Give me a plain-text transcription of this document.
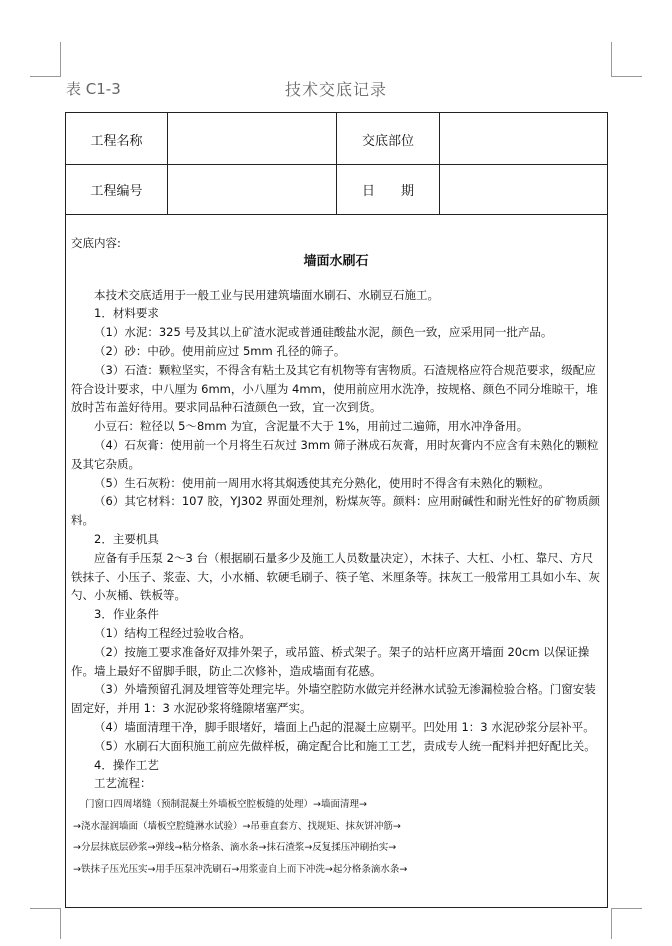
表 C1-3	技术交底记录
工程名称	交底部位
工程编号	日　　期

交底内容:

墙面水刷石

本技术交底适用于一般工业与民用建筑墙面水刷石、水刷豆石施工。

1．材料要求

（1）水泥：325 号及其以上矿渣水泥或普通硅酸盐水泥，颜色一致，应采用同一批产品。

（2）砂：中砂。使用前应过 5mm 孔径的筛子。

（3）石渣：颗粒坚实，不得含有粘土及其它有机物等有害物质。石渣规格应符合规范要求，级配应符合设计要求，中八厘为 6mm，小八厘为 4mm，使用前应用水洗净，按规格、颜色不同分堆晾干，堆放时苫布盖好待用。要求同品种石渣颜色一致，宜一次到货。

小豆石：粒径以 5～8mm 为宜，含泥量不大于 1%，用前过二遍筛，用水冲净备用。

（4）石灰膏：使用前一个月将生石灰过 3mm 筛子淋成石灰膏，用时灰膏内不应含有未熟化的颗粒及其它杂质。

（5）生石灰粉：使用前一周用水将其焖透使其充分熟化，使用时不得含有未熟化的颗粒。

（6）其它材料：107 胶，YJ302 界面处理剂，粉煤灰等。颜料：应用耐碱性和耐光性好的矿物质颜料。

2．主要机具

应备有手压泵 2～3 台（根据刷石量多少及施工人员数量决定），木抹子、大杠、小杠、靠尺、方尺铁抹子、小压子、浆壶、大，小水桶、软硬毛刷子、筷子笔、米厘条等。抹灰工一般常用工具如小车、灰勺、小灰桶、铁板等。

3．作业条件

（1）结构工程经过验收合格。

（2）按施工要求准备好双排外架子，或吊篮、桥式架子。架子的站杆应离开墙面 20cm 以保证操作。墙上最好不留脚手眼，防止二次修补，造成墙面有花感。

（3）外墙预留孔洞及埋管等处理完毕。外墙空腔防水做完并经淋水试验无渗漏检验合格。门窗安装固定好，并用 1：3 水泥砂浆将缝隙堵塞严实。

（4）墙面清理干净，脚手眼堵好，墙面上凸起的混凝土应剔平。凹处用 1：3 水泥砂浆分层补平。

（5）水刷石大面积施工前应先做样板，确定配合比和施工工艺，责成专人统一配料并把好配比关。

4．操作工艺

工艺流程：

门窗口四周堵缝（预制混凝土外墙板空腔板缝的处理）→墙面清理→
→浇水湿润墙面（墙板空腔缝淋水试验）→吊垂直套方、找规矩、抹灰饼冲筋→
→分层抹底层砂浆→弹线→粘分格条、滴水条→抹石渣浆→反复揉压冲刷抬实→
→铁抹子压光压实→用手压泵冲洗刷石→用浆壶自上而下冲洗→起分格条滴水条→
